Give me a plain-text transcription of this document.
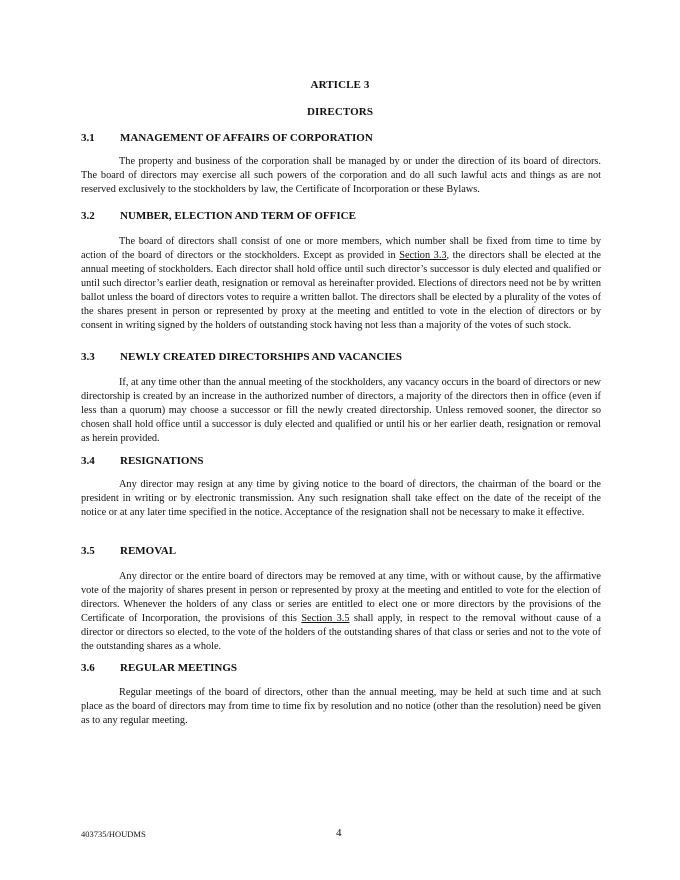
ARTICLE 3
DIRECTORS
3.1 MANAGEMENT OF AFFAIRS OF CORPORATION

The property and business of the corporation shall be managed by or under the direction of its board of directors. The board of directors may exercise all such powers of the corporation and do all such lawful acts and things as are not reserved exclusively to the stockholders by law, the Certificate of Incorporation or these Bylaws.

3.2 NUMBER, ELECTION AND TERM OF OFFICE

The board of directors shall consist of one or more members, which number shall be fixed from time to time by action of the board of directors or the stockholders. Except as provided in Section 3.3, the directors shall be elected at the annual meeting of stockholders. Each director shall hold office until such director’s successor is duly elected and qualified or until such director’s earlier death, resignation or removal as hereinafter provided. Elections of directors need not be by written ballot unless the board of directors votes to require a written ballot. The directors shall be elected by a plurality of the votes of the shares present in person or represented by proxy at the meeting and entitled to vote in the election of directors or by consent in writing signed by the holders of outstanding stock having not less than a majority of the votes of such stock.

3.3 NEWLY CREATED DIRECTORSHIPS AND VACANCIES

If, at any time other than the annual meeting of the stockholders, any vacancy occurs in the board of directors or new directorship is created by an increase in the authorized number of directors, a majority of the directors then in office (even if less than a quorum) may choose a successor or fill the newly created directorship. Unless removed sooner, the director so chosen shall hold office until a successor is duly elected and qualified or until his or her earlier death, resignation or removal as herein provided.

3.4 RESIGNATIONS

Any director may resign at any time by giving notice to the board of directors, the chairman of the board or the president in writing or by electronic transmission. Any such resignation shall take effect on the date of the receipt of the notice or at any later time specified in the notice. Acceptance of the resignation shall not be necessary to make it effective.

3.5 REMOVAL

Any director or the entire board of directors may be removed at any time, with or without cause, by the affirmative vote of the majority of shares present in person or represented by proxy at the meeting and entitled to vote for the election of directors. Whenever the holders of any class or series are entitled to elect one or more directors by the provisions of the Certificate of Incorporation, the provisions of this Section 3.5 shall apply, in respect to the removal without cause of a director or directors so elected, to the vote of the holders of the outstanding shares of that class or series and not to the vote of the outstanding shares as a whole.

3.6 REGULAR MEETINGS

Regular meetings of the board of directors, other than the annual meeting, may be held at such time and at such place as the board of directors may from time to time fix by resolution and no notice (other than the resolution) need be given as to any regular meeting.

403735/HOUDMS	4
